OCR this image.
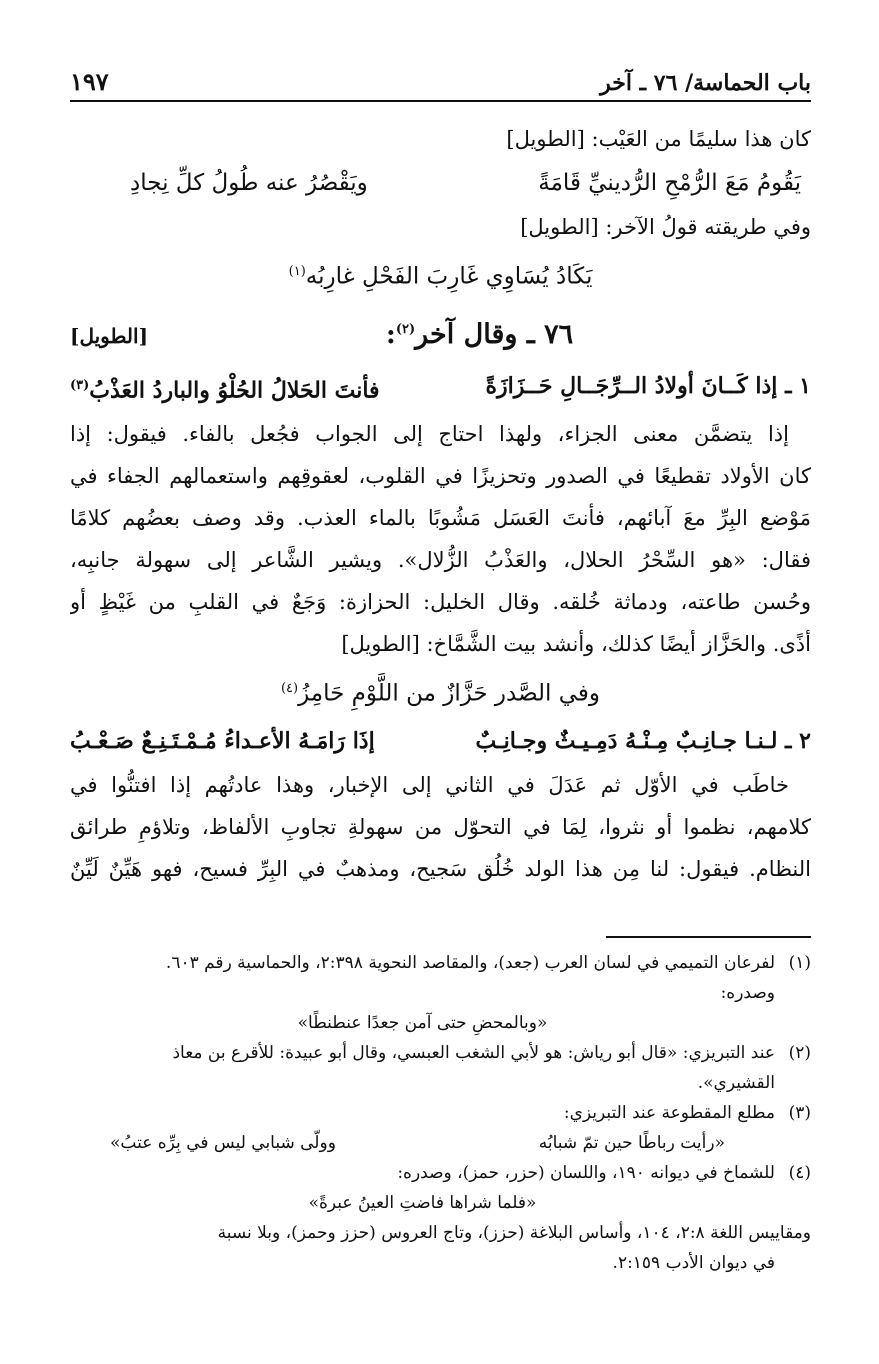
باب الحماسة/ ٧٦ ـ آخر
١٩٧
كان هذا سليمًا من العَيْب: [الطويل]
يَقُومُ مَعَ الرُّمْحِ الرُّدينيِّ قَامَةً
ويَقْصُرُ عنه طُولُ كلِّ نِجادِ
وفي طريقته قولُ الآخر: [الطويل]
يَكَادُ يُسَاوِي غَارِبَ الفَحْلِ غارِبُه$^{(١)}$
٧٦ ـ وقال آخر$^{(٢)}$:
[الطويل]
١ ـ إذا كَــانَ أولادُ الــرِّجَــالِ حَــزَازَةً
فأنتَ الحَلالُ الحُلْوُ والباردُ العَذْبُ$^{(٣)}$
إذا يتضمَّن معنى الجزاء، ولهذا احتاج إلى الجواب فجُعل بالفاء. فيقول: إذا
كان الأولاد تقطيعًا في الصدور وتحزيزًا في القلوب، لعقوقِهم واستعمالهم الجفاء في
مَوْضع البِرِّ معَ آبائهم، فأنتَ العَسَل مَشُوبًا بالماء العذب. وقد وصف بعضُهم كلامًا
فقال: «هو السِّحْرُ الحلال، والعَذْبُ الزُّلال». ويشير الشَّاعر إلى سهولة جانبِه،
وحُسن طاعته، ودماثة خُلقه. وقال الخليل: الحزازة: وَجَعٌ في القلبِ من غَيْظٍ أو
أذًى. والحَزَّاز أيضًا كذلك، وأنشد بيت الشَّمَّاخ: [الطويل]
وفي الصَّدر حَزَّازٌ من اللَّوْمِ حَامِزُ$^{(٤)}$
٢ ـ لـنـا جـانِـبٌ مِـنْـهُ دَمِـيـثٌ وجـانِـبٌ
إذَا رَامَـهُ الأعـداءُ مُـمْـتَـنِـعٌ صَـعْـبُ
خاطَب في الأوّل ثم عَدَلَ في الثاني إلى الإخبار، وهذا عادتُهم إذا افتنُّوا في
كلامهم، نظموا أو نثروا، لِمَا في التحوّل من سهولةِ تجاوبِ الألفاظ، وتلاؤمِ طرائق
النظام. فيقول: لنا مِن هذا الولد خُلُق سَجيح، ومذهبٌ في البِرِّ فسيح، فهو هَيِّنٌ لَيِّنٌ
(١)
لفرعان التميمي في لسان العرب (جعد)، والمقاصد النحوية ٢:٣٩٨، والحماسية رقم ٦٠٣.
وصدره:
«وبالمحضِ حتى آمن جعدًا عنطنطًا»
(٢)
عند التبريزي: «قال أبو رياش: هو لأبي الشغب العبسي، وقال أبو عبيدة: للأقرع بن معاذ
القشيري».
(٣)
مطلع المقطوعة عند التبريزي:
«رأيت رباطًا حين تمّ شبابُه
وولّى شبابي ليس في بِرِّه عتبُ»
(٤)
للشماخ في ديوانه ١٩٠، واللسان (حزر، حمز)، وصدره:
«فلما شراها فاضتِ العينُ عبرةً»
ومقاييس اللغة ٢:٨، ١٠٤، وأساس البلاغة (حزز)، وتاج العروس (حزز وحمز)، وبلا نسبة
في ديوان الأدب ٢:١٥٩.
